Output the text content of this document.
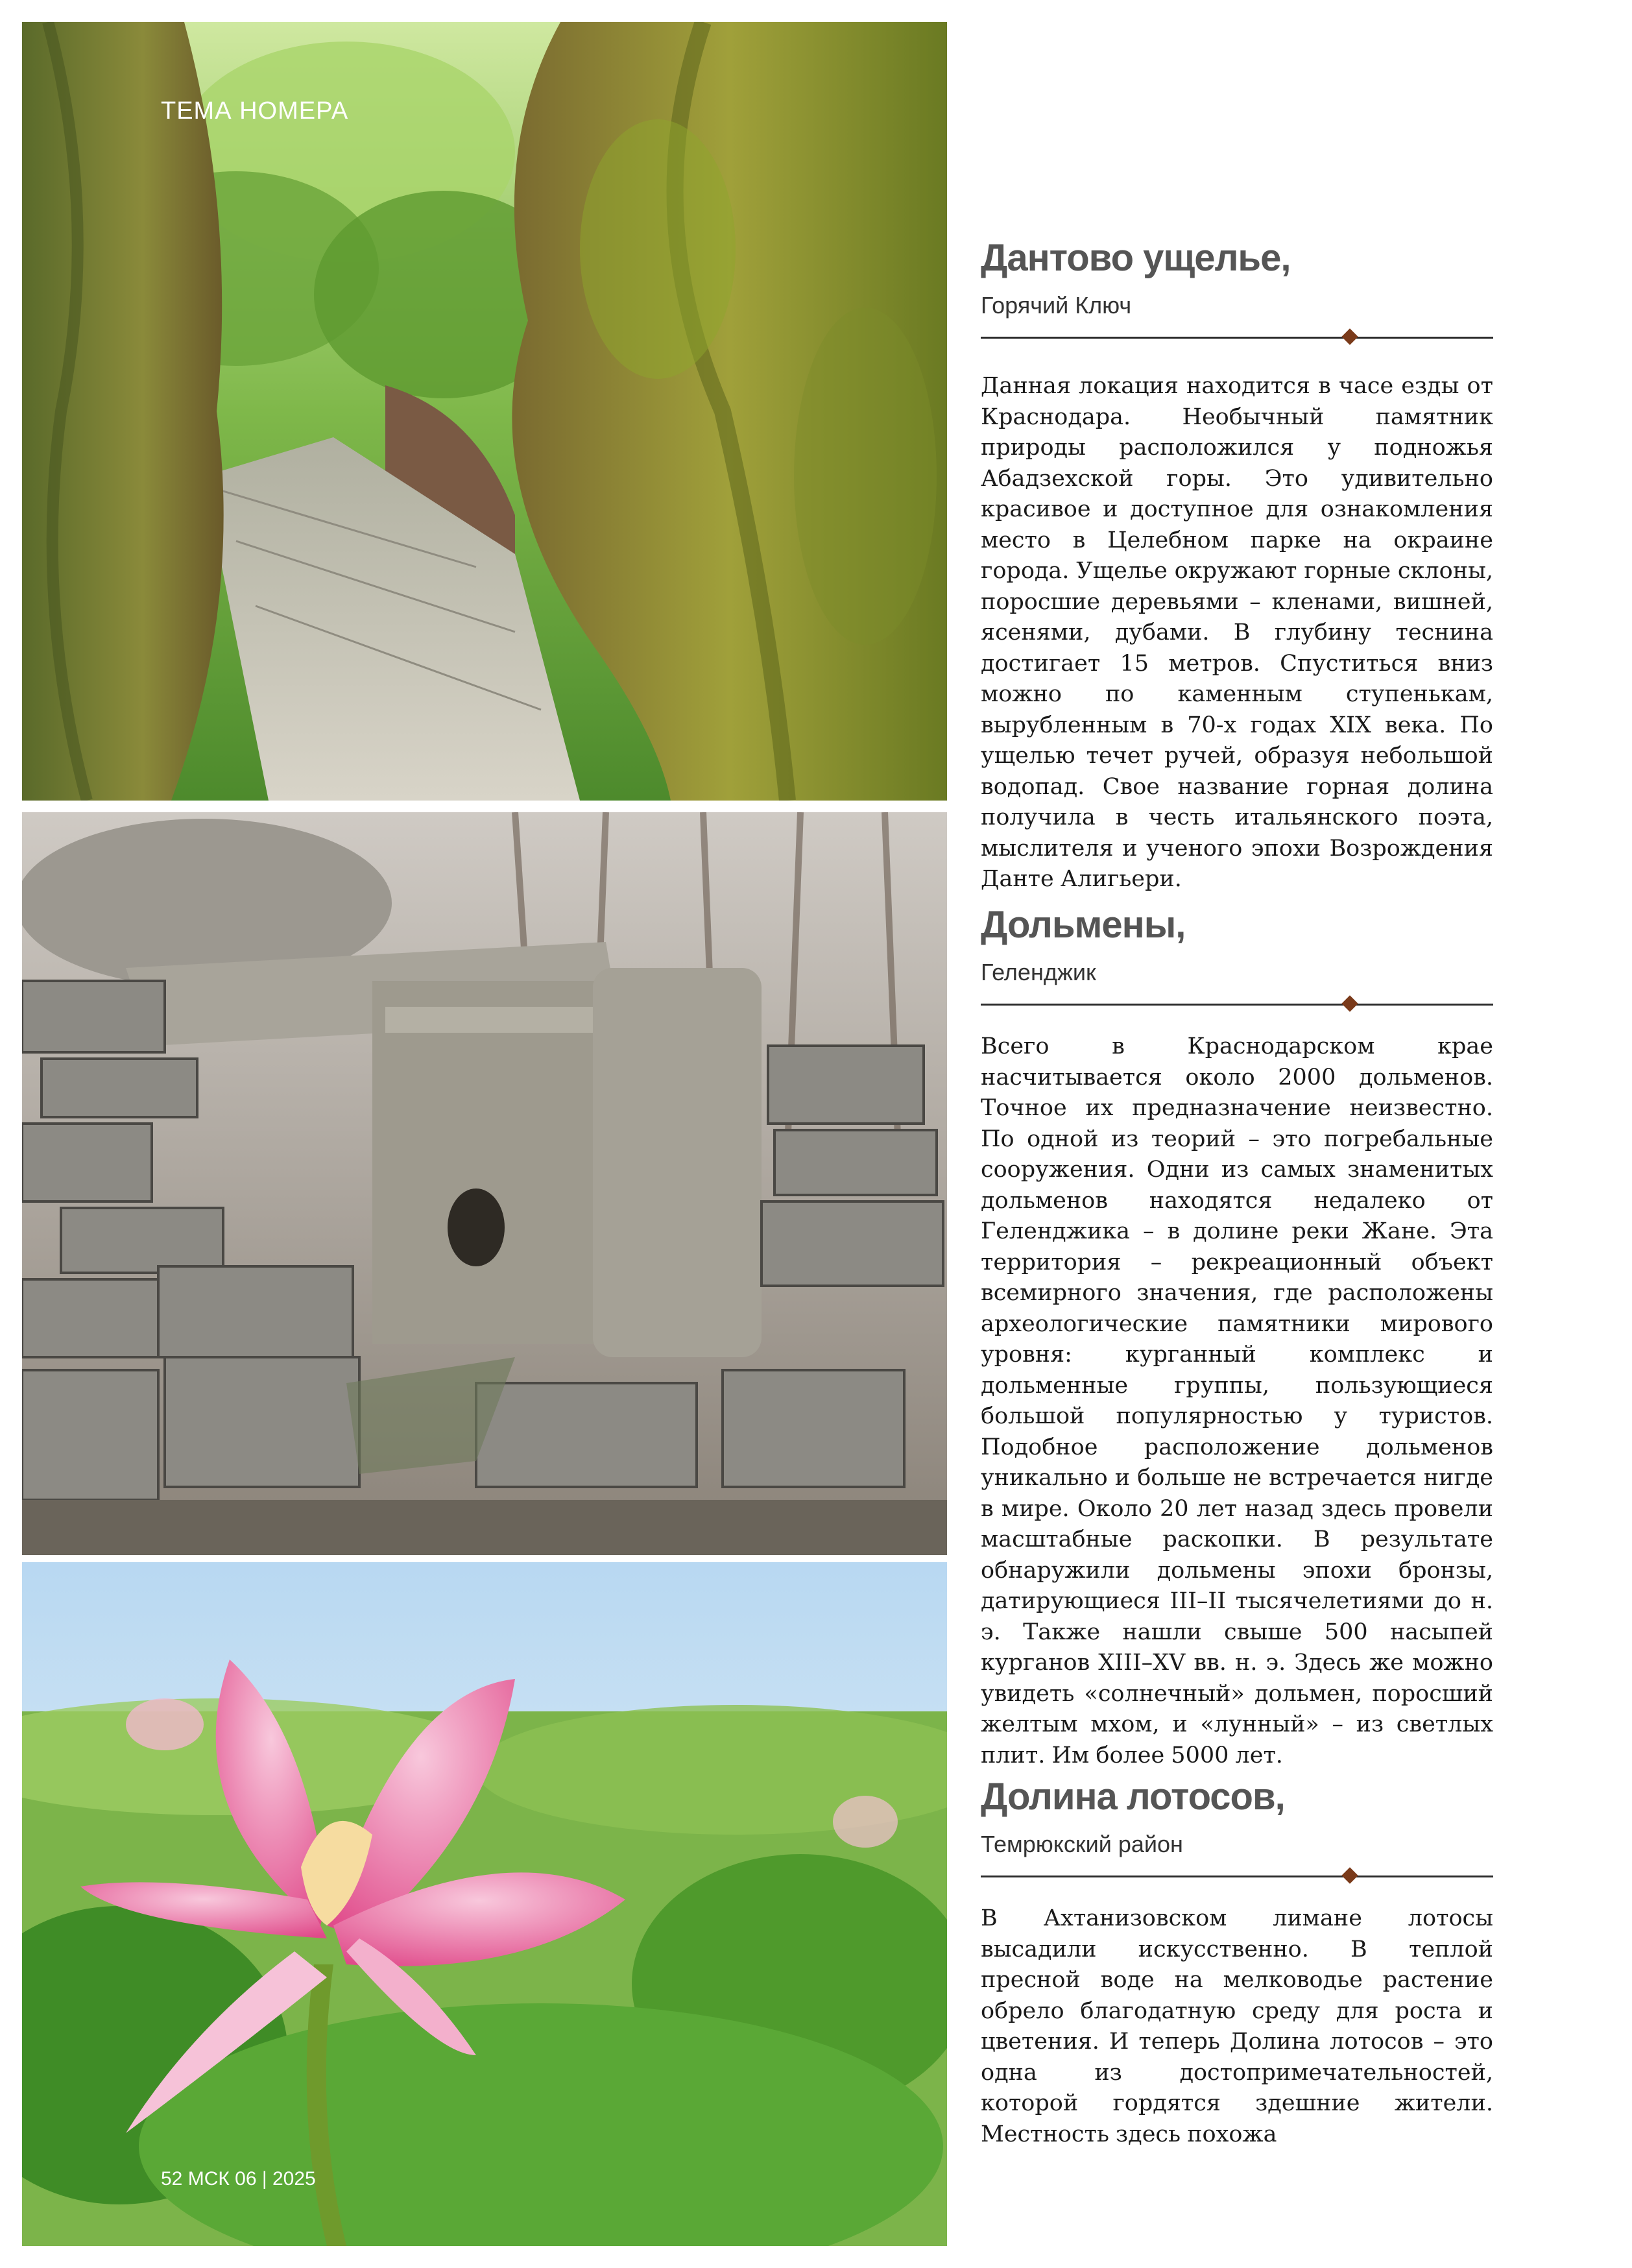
ТЕМА НОМЕРА
52 МСК 06 | 2025
Дантово ущелье,
Горячий Ключ

Данная локация находится в часе езды от Краснодара. Необычный памятник природы расположился у подножья Абадзехской горы. Это удивительно красивое и доступное для ознакомления место в Целебном парке на окраине города. Ущелье окружают горные склоны, поросшие деревьями – кленами, вишней, ясенями, дубами. В глубину теснина достигает 15 метров. Спуститься вниз можно по каменным ступенькам, вырубленным в 70-х годах XIX века. По ущелью течет ручей, образуя небольшой водопад. Свое название горная долина получила в честь итальянского поэта, мыслителя и ученого эпохи Возрождения Данте Алигьери.

Дольмены,
Геленджик

Всего в Краснодарском крае насчитывается около 2000 дольменов. Точное их предназначение неизвестно. По одной из теорий – это погребальные сооружения. Одни из самых знаменитых дольменов находятся недалеко от Геленджика – в долине реки Жане. Эта территория – рекреационный объект всемирного значения, где расположены археологические памятники мирового уровня: курганный комплекс и дольменные группы, пользующиеся большой популярностью у туристов. Подобное расположение дольменов уникально и больше не встречается нигде в мире. Около 20 лет назад здесь провели масштабные раскопки. В результате обнаружили дольмены эпохи бронзы, датирующиеся III–II тысячелетиями до н. э. Также нашли свыше 500 насыпей курганов XIII–XV вв. н. э. Здесь же можно увидеть «солнечный» дольмен, поросший желтым мхом, и «лунный» – из светлых плит. Им более 5000 лет.

Долина лотосов,
Темрюкский район

В Ахтанизовском лимане лотосы высадили искусственно. В теплой пресной воде на мелководье растение обрело благодатную среду для роста и цветения. И теперь Долина лотосов – это одна из достопримечательностей, которой гордятся здешние жители. Местность здесь похожа
